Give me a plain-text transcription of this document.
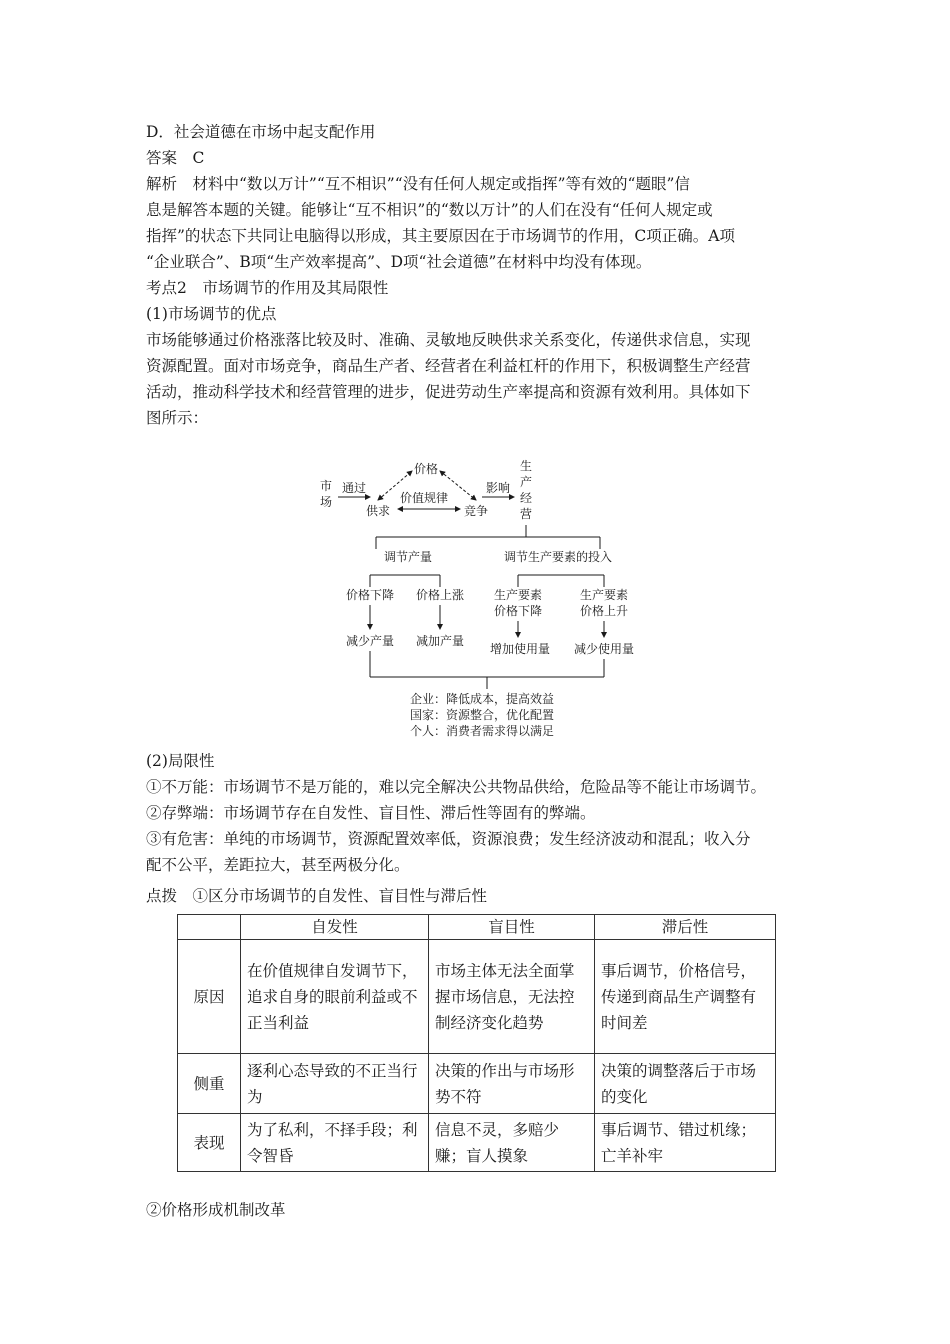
D．社会道德在市场中起支配作用
答案　C
解析　材料中“数以万计”“互不相识”“没有任何人规定或指挥”等有效的“题眼”信
息是解答本题的关键。能够让“互不相识”的“数以万计”的人们在没有“任何人规定或
指挥”的状态下共同让电脑得以形成，其主要原因在于市场调节的作用，C项正确。A项
“企业联合”、B项“生产效率提高”、D项“社会道德”在材料中均没有体现。
考点2　市场调节的作用及其局限性
(1)市场调节的优点
市场能够通过价格涨落比较及时、准确、灵敏地反映供求关系变化，传递供求信息，实现
资源配置。面对市场竞争，商品生产者、经营者在利益杠杆的作用下，积极调整生产经营
活动，推动科学技术和经营管理的进步，促进劳动生产率提高和资源有效利用。具体如下
图所示：
市
场
通过
价格
供求
价值规律
竞争
影响
生
产
经
营
调节产量	调节生产要素的投入
价格下降 价格上涨 生产要素
价格下降
生产要素
价格上升
减少产量 减加产量
增加使用量 减少使用量
企业：降低成本，提高效益
国家：资源整合，优化配置
个人：消费者需求得以满足
(2)局限性
①不万能：市场调节不是万能的，难以完全解决公共物品供给，危险品等不能让市场调节。
②存弊端：市场调节存在自发性、盲目性、滞后性等固有的弊端。
③有危害：单纯的市场调节，资源配置效率低，资源浪费；发生经济波动和混乱；收入分
配不公平，差距拉大，甚至两极分化。
点拨　①区分市场调节的自发性、盲目性与滞后性
	自发性	盲目性	滞后性
原因	在价值规律自发调节下，追求自身的眼前利益或不正当利益	市场主体无法全面掌握市场信息，无法控制经济变化趋势	事后调节，价格信号，传递到商品生产调整有时间差
侧重	逐利心态导致的不正当行为	决策的作出与市场形势不符	决策的调整落后于市场的变化
表现	为了私利，不择手段；利令智昏	信息不灵，多赔少赚；盲人摸象	事后调节、错过机缘；亡羊补牢
②价格形成机制改革
